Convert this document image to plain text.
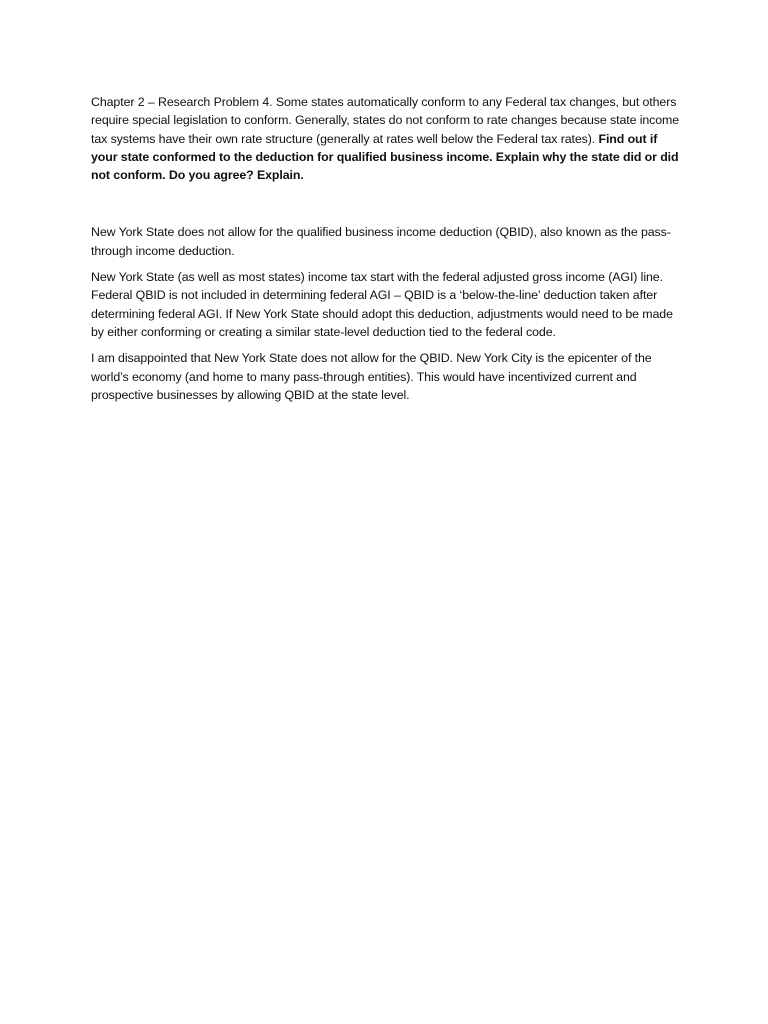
Chapter 2 – Research Problem 4. Some states automatically conform to any Federal tax changes, but others require special legislation to conform. Generally, states do not conform to rate changes because state income tax systems have their own rate structure (generally at rates well below the Federal tax rates). Find out if your state conformed to the deduction for qualified business income. Explain why the state did or did not conform. Do you agree? Explain.

New York State does not allow for the qualified business income deduction (QBID), also known as the pass-through income deduction.

New York State (as well as most states) income tax start with the federal adjusted gross income (AGI) line. Federal QBID is not included in determining federal AGI – QBID is a ‘below-the-line’ deduction taken after determining federal AGI. If New York State should adopt this deduction, adjustments would need to be made by either conforming or creating a similar state-level deduction tied to the federal code.

I am disappointed that New York State does not allow for the QBID. New York City is the epicenter of the world’s economy (and home to many pass-through entities). This would have incentivized current and prospective businesses by allowing QBID at the state level.
